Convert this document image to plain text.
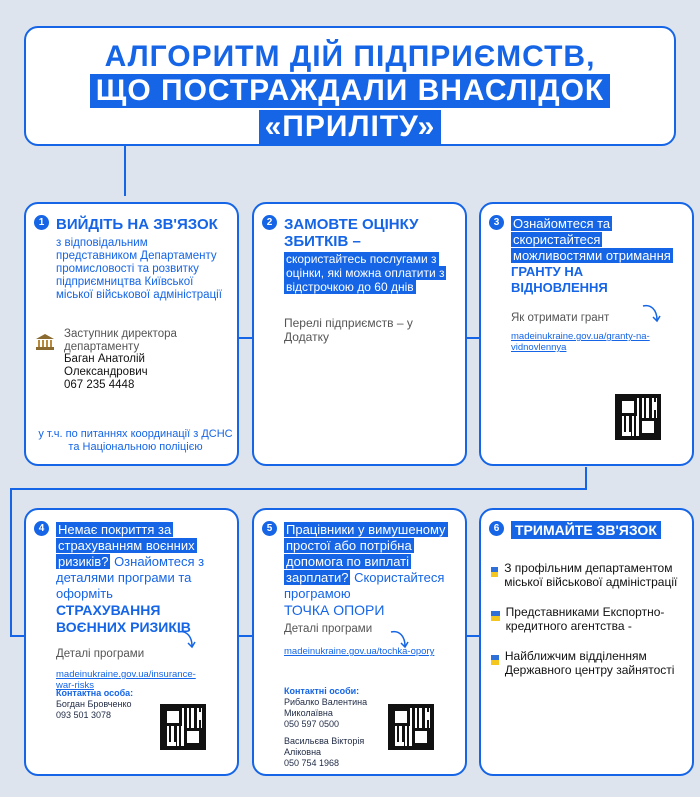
АЛГОРИТМ ДІЙ ПІДПРИЄМСТВ,
ЩО ПОСТРАЖДАЛИ ВНАСЛІДОК
«ПРИЛІТУ»
1 ВИЙДІТЬ НА ЗВ'ЯЗОК
з відповідальним представником Департаменту промисловості та розвитку підприємництва Київської міської військової адміністрації
Заступник директора департаменту
Баган Анатолій Олександрович
067 235 4448
у т.ч. по питаннях координації з ДСНС та Національною поліцією
2 ЗАМОВТЕ ОЦІНКУ ЗБИТКІВ –
скористайтесь послугами з оцінки, які можна оплатити з відстрочкою до 60 днів
Перелі підприємств – у Додатку
3	Ознайомтеся та скористайтеся можливостями отримання ГРАНТУ НА ВІДНОВЛЕННЯ
Як отримати грант
madeinukraine.gov.ua/granty-na-vidnovlennya
4	Немає покриття за страхуванням воєнних ризиків? Ознайомтеся з деталями програми та оформіть
СТРАХУВАННЯ ВОЄННИХ РИЗИКІВ
Деталі програми
madeinukraine.gov.ua/insurance-war-risks
Контактна особа:
Богдан Бровченко
093 501 3078
5	Працівники у вимушеному простої або потрібна допомога по виплаті зарплати? Скористайтеся програмою
ТОЧКА ОПОРИ
Деталі програми
madeinukraine.gov.ua/tochka-opory
Контактні особи:
Рибалко Валентина Миколаївна
050 597 0500
Васильєва Вікторія Аліковна
050 754 1968
6	ТРИМАЙТЕ ЗВ'ЯЗОК
З профільним департаментом міської військової адміністрації
Представниками Експортно-кредитного агентства -
Найближчим відділенням Державного центру зайнятості
